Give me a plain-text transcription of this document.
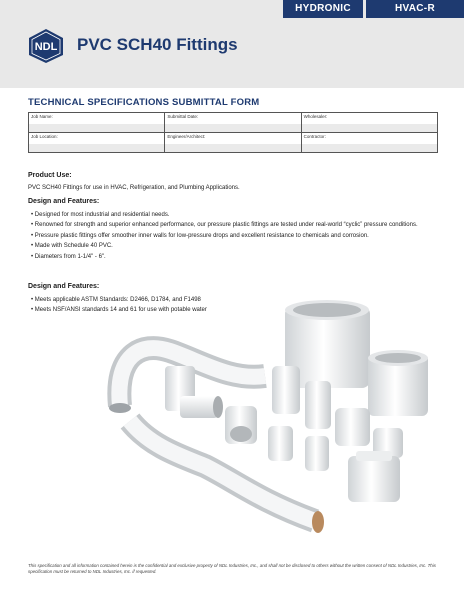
HYDRONIC	HVAC-R
NDL PVC SCH40 Fittings
TECHNICAL SPECIFICATIONS SUBMITTAL FORM
Job Name:	Submittal Date:	Wholesaler:

Job Location:	Engineer/Architect:	Contractor:
Product Use:
PVC SCH40 Fittings for use in HVAC, Refrigeration, and Plumbing Applications.
Design and Features:
• Designed for most industrial and residential needs.
• Renowned for strength and superior enhanced performance, our pressure plastic fittings are tested under real-world “cyclic” pressure conditions.
• Pressure plastic fittings offer smoother inner walls for low-pressure drops and excellent resistance to chemicals and corrosion.
• Made with Schedule 40 PVC.
• Diameters from 1-1/4" - 6".
Design and Features:
• Meets applicable ASTM Standards: D2466, D1784, and F1498
• Meets NSF/ANSI standards 14 and 61 for use with potable water
This specification and all information contained herein is the confidential and exclusive property of NDL Industries, Inc., and shall not be disclosed to others without the written consent of NDL Industries, Inc. This specification must be returned to NDL Industries, Inc. if requested.
